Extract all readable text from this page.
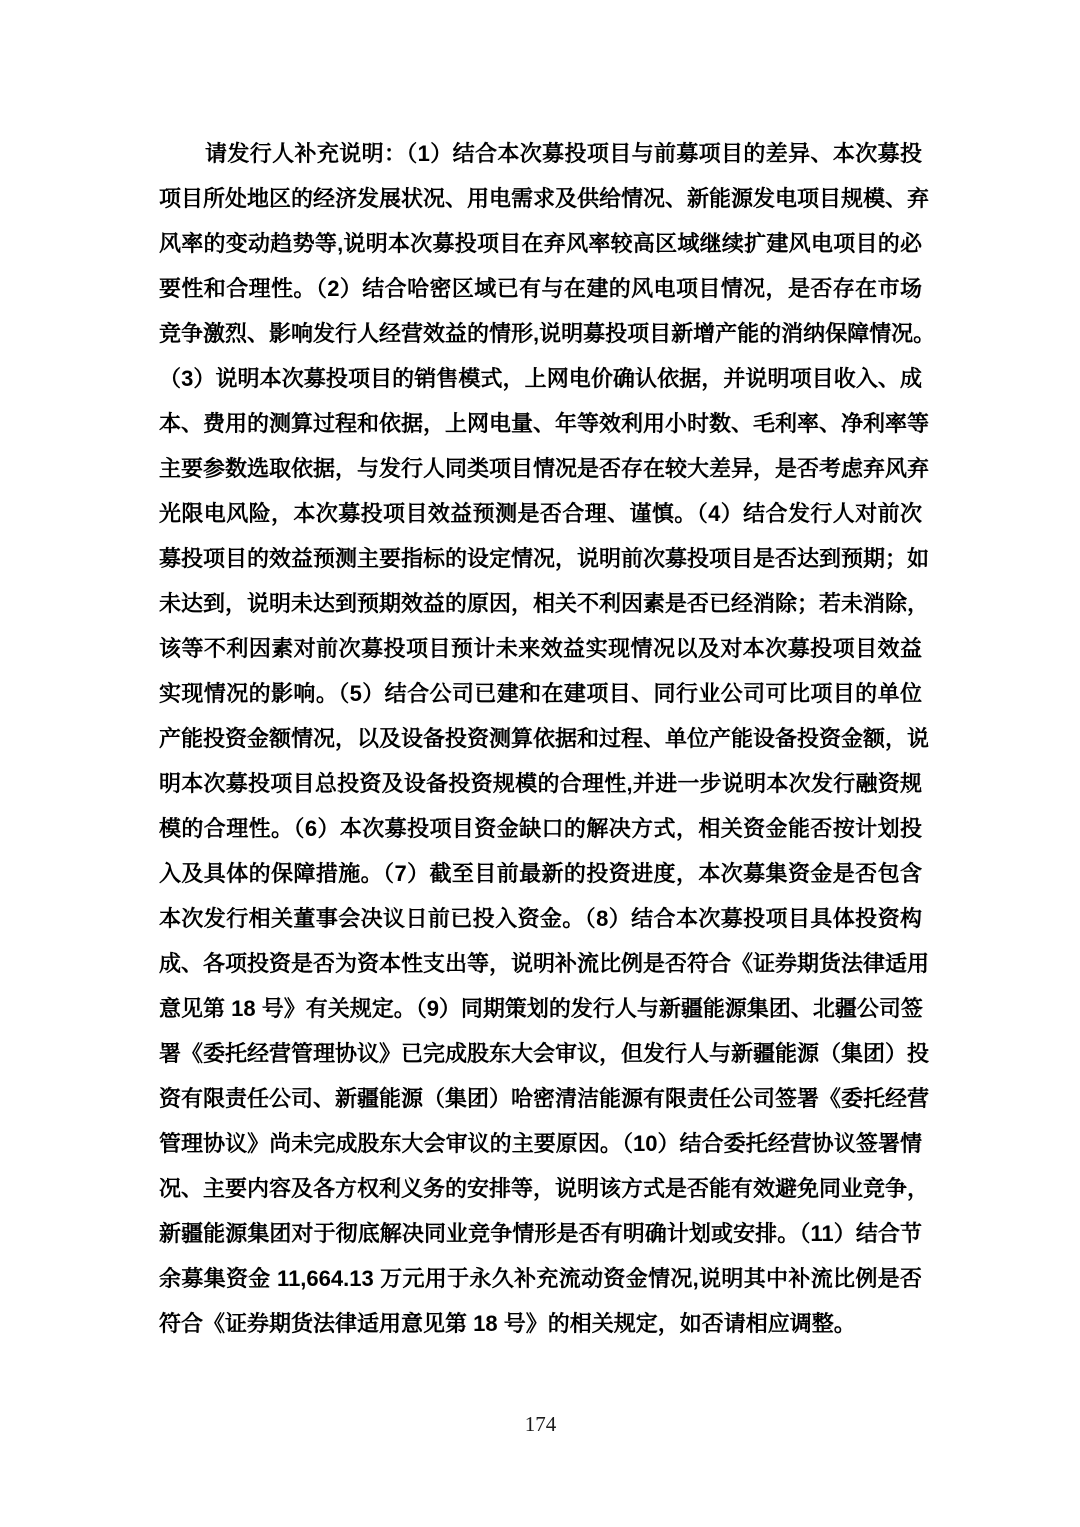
请发行人补充说明：（1）结合本次募投项目与前募项目的差异、本次募投
项目所处地区的经济发展状况、用电需求及供给情况、新能源发电项目规模、弃
风率的变动趋势等,说明本次募投项目在弃风率较高区域继续扩建风电项目的必
要性和合理性。（2）结合哈密区域已有与在建的风电项目情况，是否存在市场
竞争激烈、影响发行人经营效益的情形,说明募投项目新增产能的消纳保障情况。
（3）说明本次募投项目的销售模式，上网电价确认依据，并说明项目收入、成
本、费用的测算过程和依据，上网电量、年等效利用小时数、毛利率、净利率等
主要参数选取依据，与发行人同类项目情况是否存在较大差异，是否考虑弃风弃
光限电风险，本次募投项目效益预测是否合理、谨慎。（4）结合发行人对前次
募投项目的效益预测主要指标的设定情况，说明前次募投项目是否达到预期；如
未达到，说明未达到预期效益的原因，相关不利因素是否已经消除；若未消除，
该等不利因素对前次募投项目预计未来效益实现情况以及对本次募投项目效益
实现情况的影响。（5）结合公司已建和在建项目、同行业公司可比项目的单位
产能投资金额情况，以及设备投资测算依据和过程、单位产能设备投资金额，说
明本次募投项目总投资及设备投资规模的合理性,并进一步说明本次发行融资规
模的合理性。（6）本次募投项目资金缺口的解决方式，相关资金能否按计划投
入及具体的保障措施。（7）截至目前最新的投资进度，本次募集资金是否包含
本次发行相关董事会决议日前已投入资金。（8）结合本次募投项目具体投资构
成、各项投资是否为资本性支出等，说明补流比例是否符合《证券期货法律适用
意见第 18 号》有关规定。（9）同期策划的发行人与新疆能源集团、北疆公司签
署《委托经营管理协议》已完成股东大会审议，但发行人与新疆能源（集团）投
资有限责任公司、新疆能源（集团）哈密清洁能源有限责任公司签署《委托经营
管理协议》尚未完成股东大会审议的主要原因。（10）结合委托经营协议签署情
况、主要内容及各方权利义务的安排等，说明该方式是否能有效避免同业竞争，
新疆能源集团对于彻底解决同业竞争情形是否有明确计划或安排。（11）结合节
余募集资金 11,664.13 万元用于永久补充流动资金情况,说明其中补流比例是否
符合《证券期货法律适用意见第 18 号》的相关规定，如否请相应调整。
174
